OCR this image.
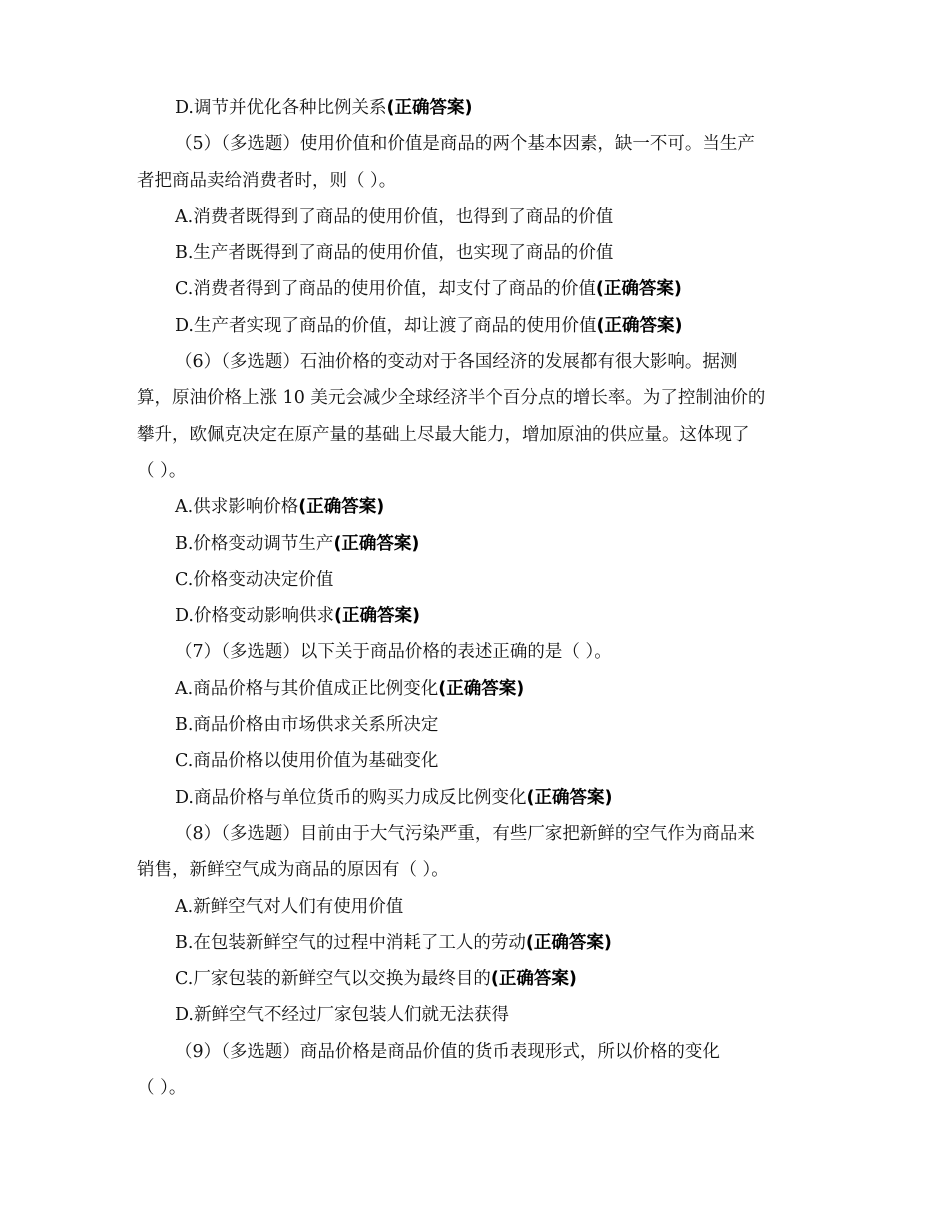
D.调节并优化各种比例关系(正确答案)
（5）（多选题）使用价值和价值是商品的两个基本因素，缺一不可。当生产
者把商品卖给消费者时，则（ ）。
A.消费者既得到了商品的使用价值，也得到了商品的价值
B.生产者既得到了商品的使用价值，也实现了商品的价值
C.消费者得到了商品的使用价值，却支付了商品的价值(正确答案)
D.生产者实现了商品的价值，却让渡了商品的使用价值(正确答案)
（6）（多选题）石油价格的变动对于各国经济的发展都有很大影响。据测
算，原油价格上涨 10 美元会减少全球经济半个百分点的增长率。为了控制油价的
攀升，欧佩克决定在原产量的基础上尽最大能力，增加原油的供应量。这体现了
（ ）。
A.供求影响价格(正确答案)
B.价格变动调节生产(正确答案)
C.价格变动决定价值
D.价格变动影响供求(正确答案)
（7）（多选题）以下关于商品价格的表述正确的是（ ）。
A.商品价格与其价值成正比例变化(正确答案)
B.商品价格由市场供求关系所决定
C.商品价格以使用价值为基础变化
D.商品价格与单位货币的购买力成反比例变化(正确答案)
（8）（多选题）目前由于大气污染严重，有些厂家把新鲜的空气作为商品来
销售，新鲜空气成为商品的原因有（ ）。
A.新鲜空气对人们有使用价值
B.在包装新鲜空气的过程中消耗了工人的劳动(正确答案)
C.厂家包装的新鲜空气以交换为最终目的(正确答案)
D.新鲜空气不经过厂家包装人们就无法获得
（9）（多选题）商品价格是商品价值的货币表现形式，所以价格的变化
（ ）。
